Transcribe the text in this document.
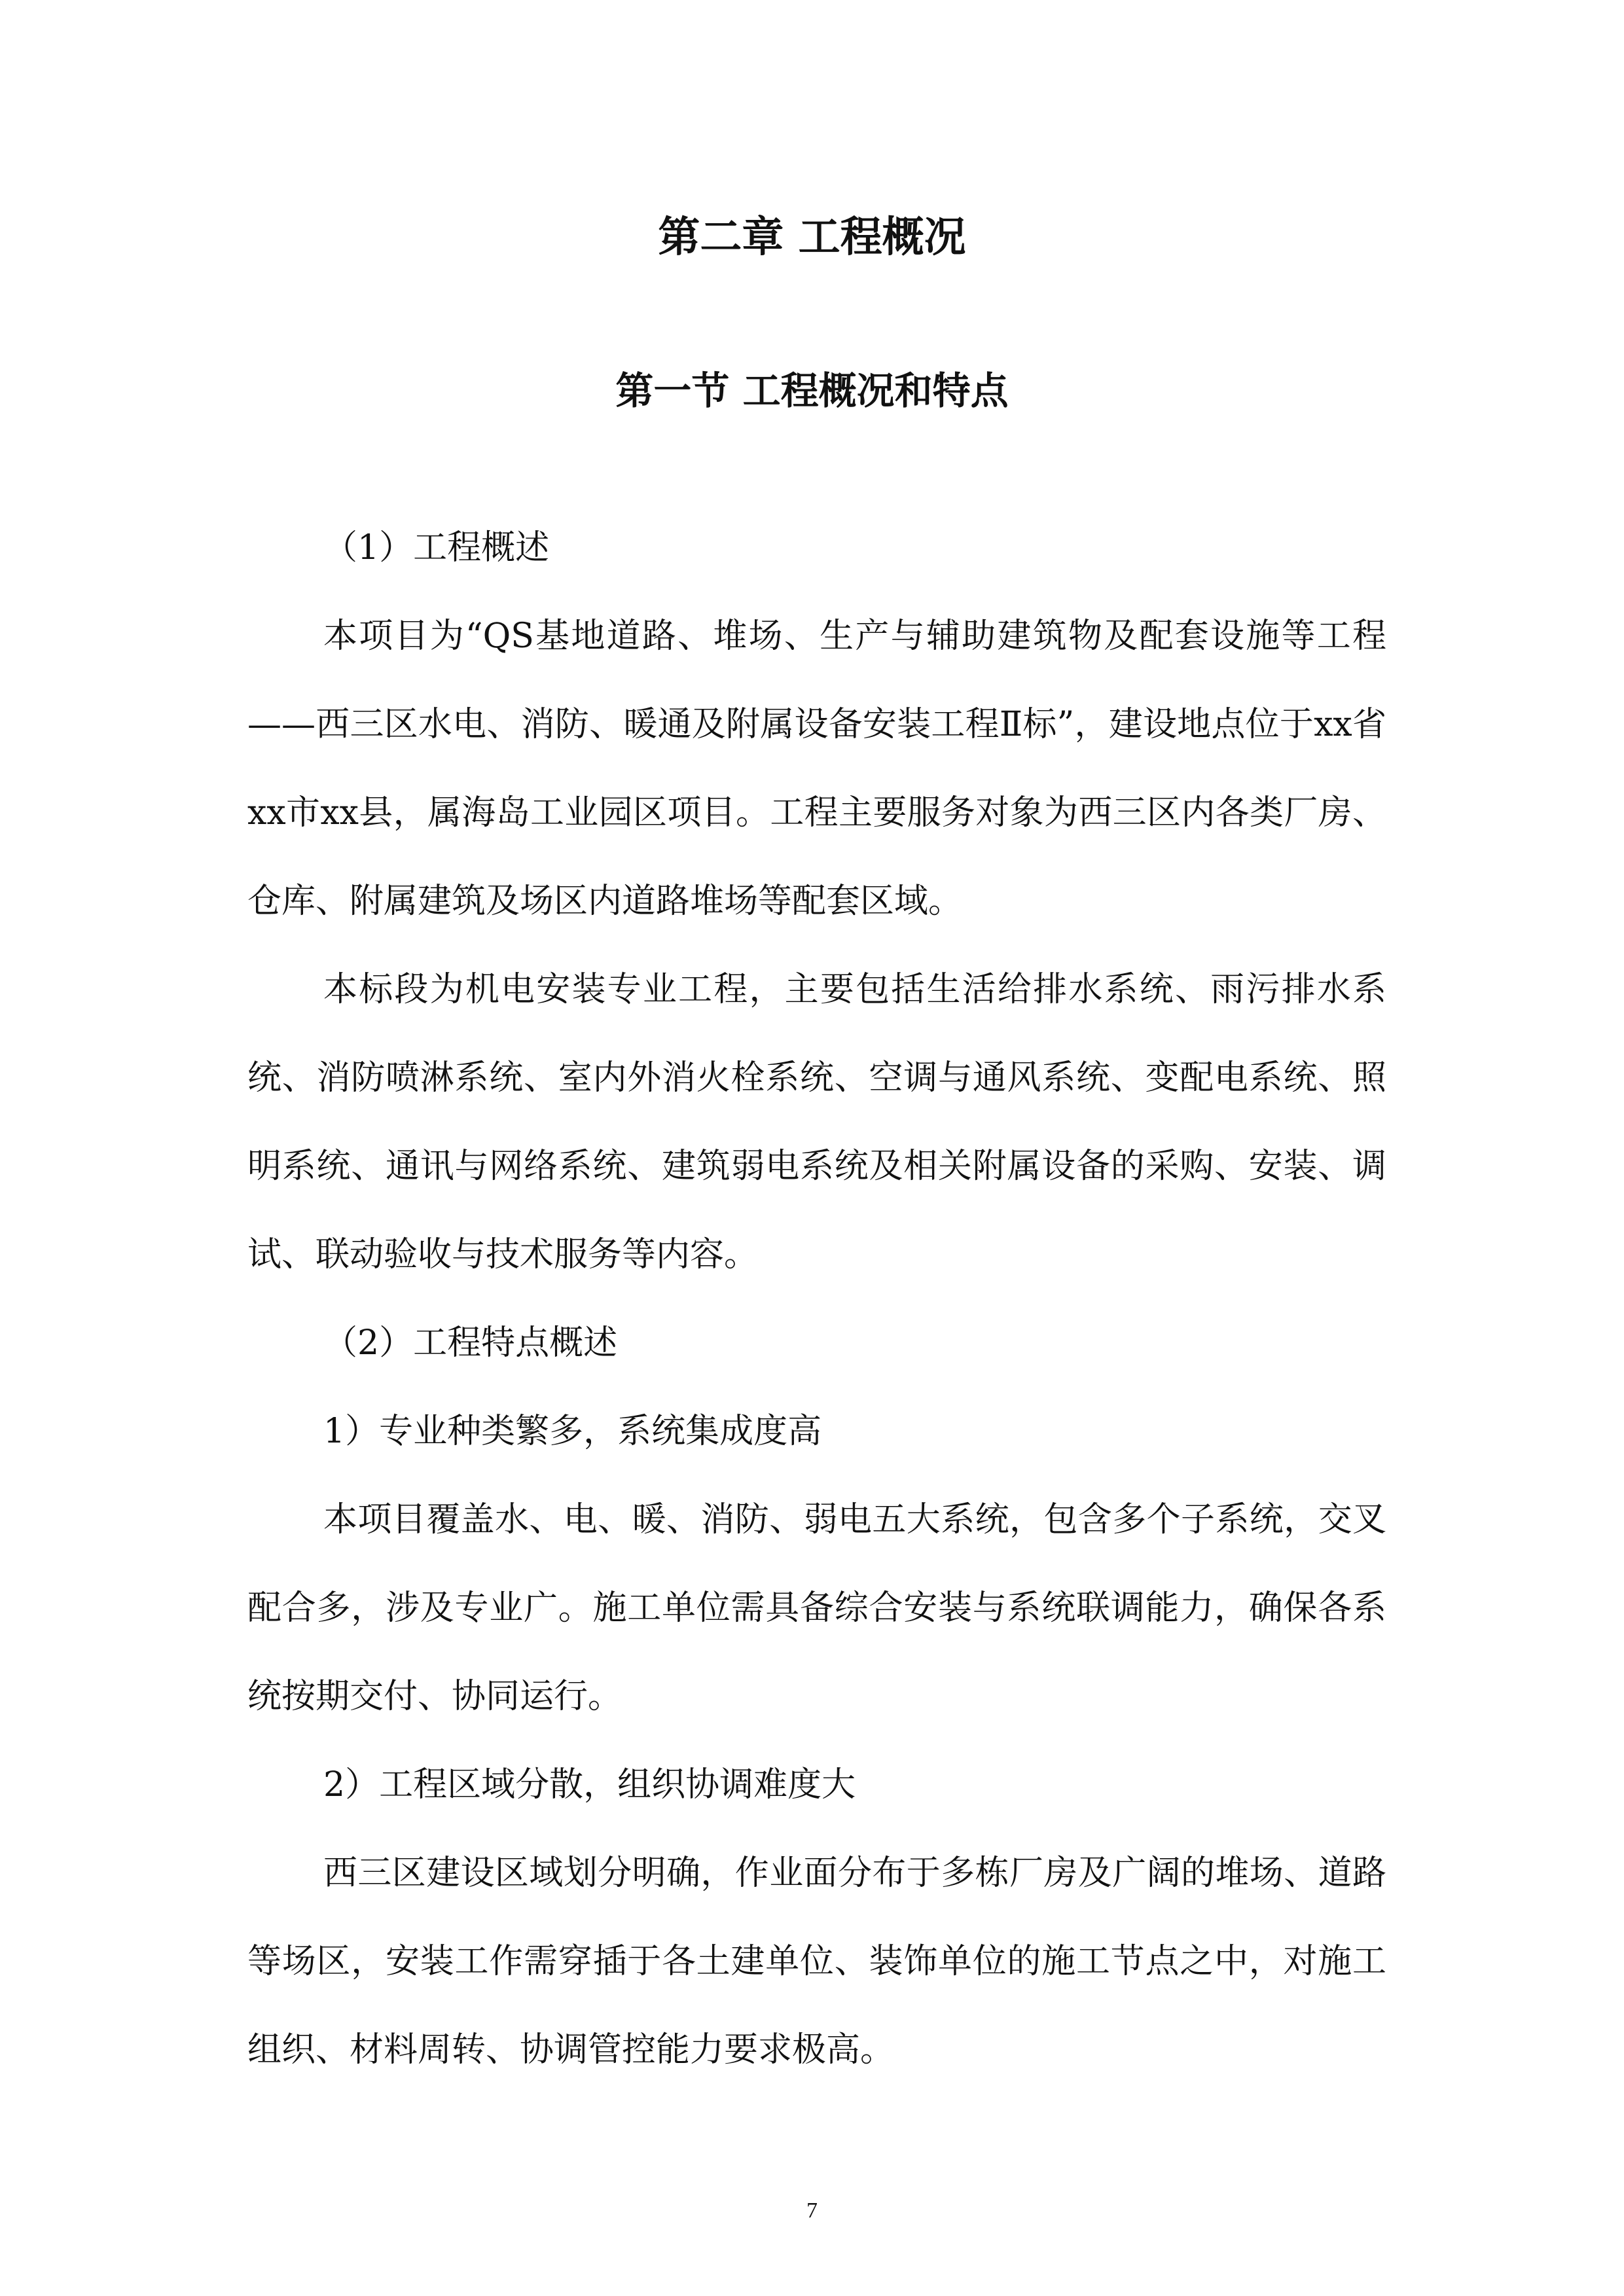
第二章 工程概况
第一节 工程概况和特点

（1）工程概述

本项目为“QS基地道路、堆场、生产与辅助建筑物及配套设施等工程——西三区水电、消防、暖通及附属设备安装工程Ⅱ标”，建设地点位于xx省xx市xx县，属海岛工业园区项目。工程主要服务对象为西三区内各类厂房、仓库、附属建筑及场区内道路堆场等配套区域。

本标段为机电安装专业工程，主要包括生活给排水系统、雨污排水系统、消防喷淋系统、室内外消火栓系统、空调与通风系统、变配电系统、照明系统、通讯与网络系统、建筑弱电系统及相关附属设备的采购、安装、调试、联动验收与技术服务等内容。

（2）工程特点概述

1）专业种类繁多，系统集成度高

本项目覆盖水、电、暖、消防、弱电五大系统，包含多个子系统，交叉配合多，涉及专业广。施工单位需具备综合安装与系统联调能力，确保各系统按期交付、协同运行。

2）工程区域分散，组织协调难度大

西三区建设区域划分明确，作业面分布于多栋厂房及广阔的堆场、道路等场区，安装工作需穿插于各土建单位、装饰单位的施工节点之中，对施工组织、材料周转、协调管控能力要求极高。

7
